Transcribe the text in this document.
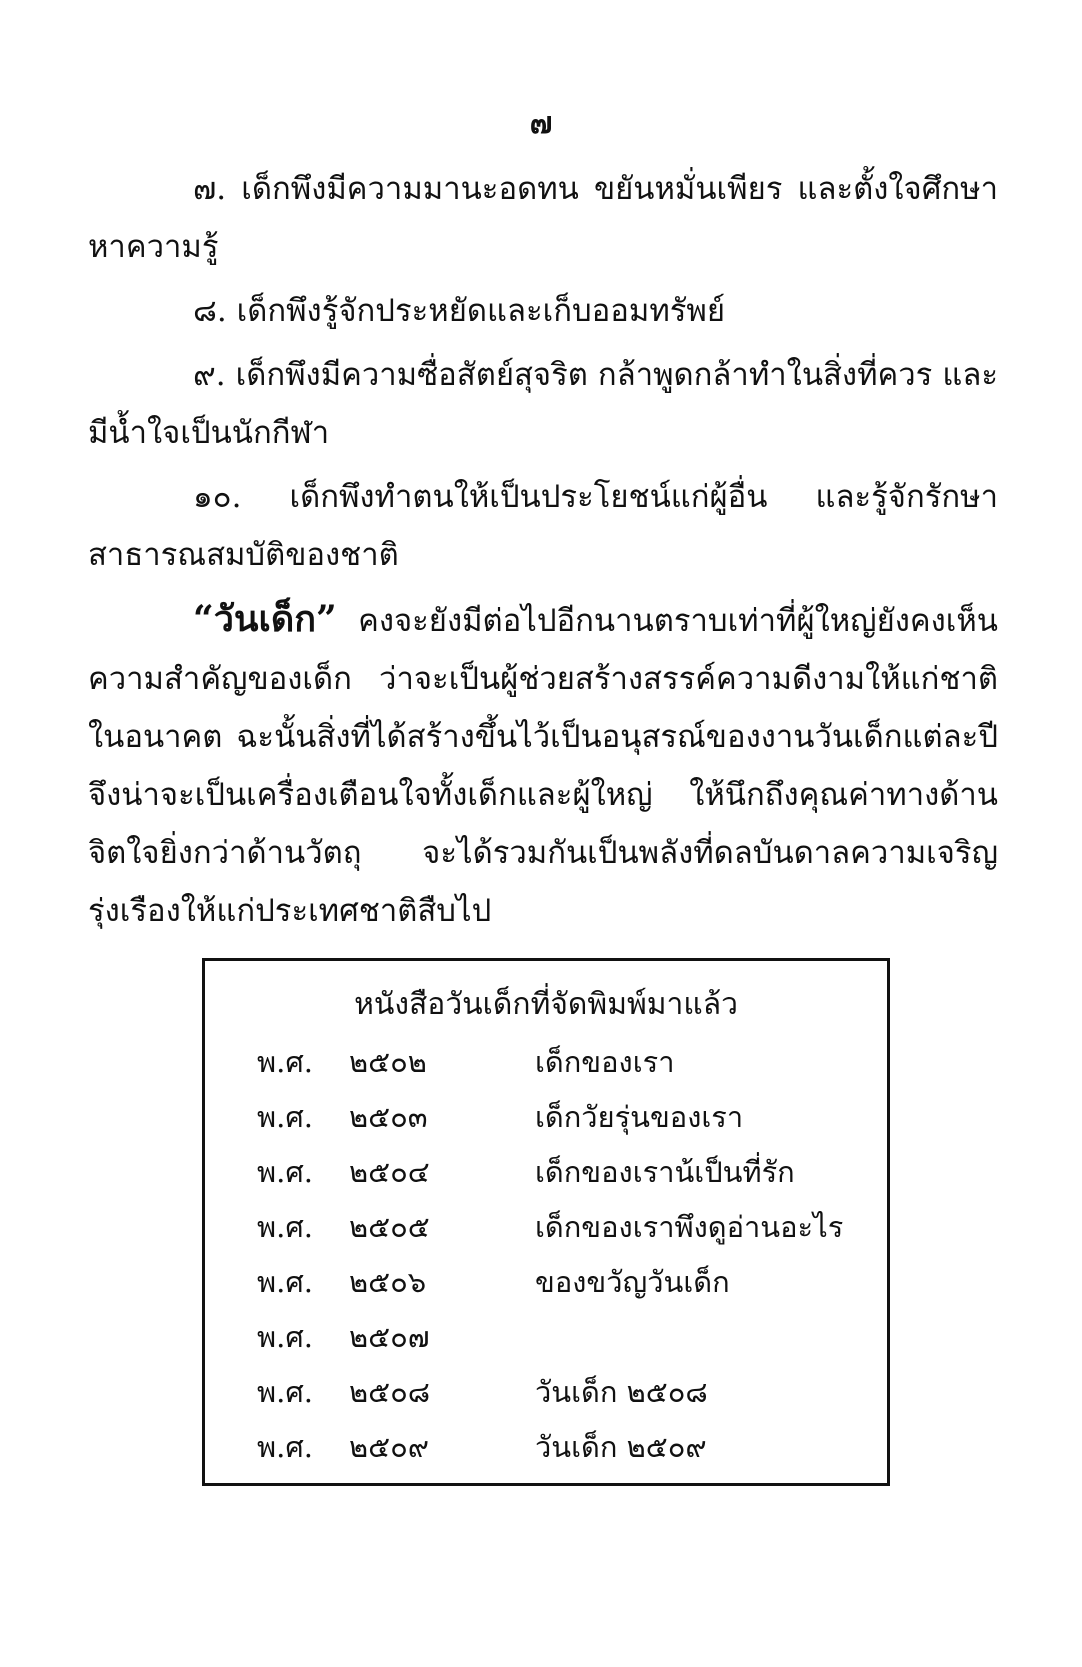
๗

๗. เด็กพึงมีความมานะอดทน ขยันหมั่นเพียร และตั้งใจศึกษาหาความรู้

๘. เด็กพึงรู้จักประหยัดและเก็บออมทรัพย์

๙. เด็กพึงมีความซื่อสัตย์สุจริต กล้าพูดกล้าทำในสิ่งที่ควร และมีน้ำใจเป็นนักกีฬา

๑๐. เด็กพึงทำตนให้เป็นประโยชน์แก่ผู้อื่น และรู้จักรักษาสาธารณสมบัติของชาติ

“วันเด็ก” คงจะยังมีต่อไปอีกนานตราบเท่าที่ผู้ใหญ่ยังคงเห็นความสำคัญของเด็ก ว่าจะเป็นผู้ช่วยสร้างสรรค์ความดีงามให้แก่ชาติในอนาคต ฉะนั้นสิ่งที่ได้สร้างขึ้นไว้เป็นอนุสรณ์ของงานวันเด็กแต่ละปีจึงน่าจะเป็นเครื่องเตือนใจทั้งเด็กและผู้ใหญ่ ให้นึกถึงคุณค่าทางด้านจิตใจยิ่งกว่าด้านวัตถุ จะได้รวมกันเป็นพลังที่ดลบันดาลความเจริญรุ่งเรืองให้แก่ประเทศชาติสืบไป

หนังสือวันเด็กที่จัดพิมพ์มาแล้ว
พ.ศ. ๒๕๐๒	เด็กของเรา
พ.ศ. ๒๕๐๓	เด็กวัยรุ่นของเรา
พ.ศ. ๒๕๐๔	เด็กของเราน้เป็นที่รัก
พ.ศ. ๒๕๐๕	เด็กของเราพึงดูอ่านอะไร
พ.ศ. ๒๕๐๖	ของขวัญวันเด็ก
พ.ศ. ๒๕๐๗
พ.ศ. ๒๕๐๘	วันเด็ก ๒๕๐๘
พ.ศ. ๒๕๐๙	วันเด็ก ๒๕๐๙
